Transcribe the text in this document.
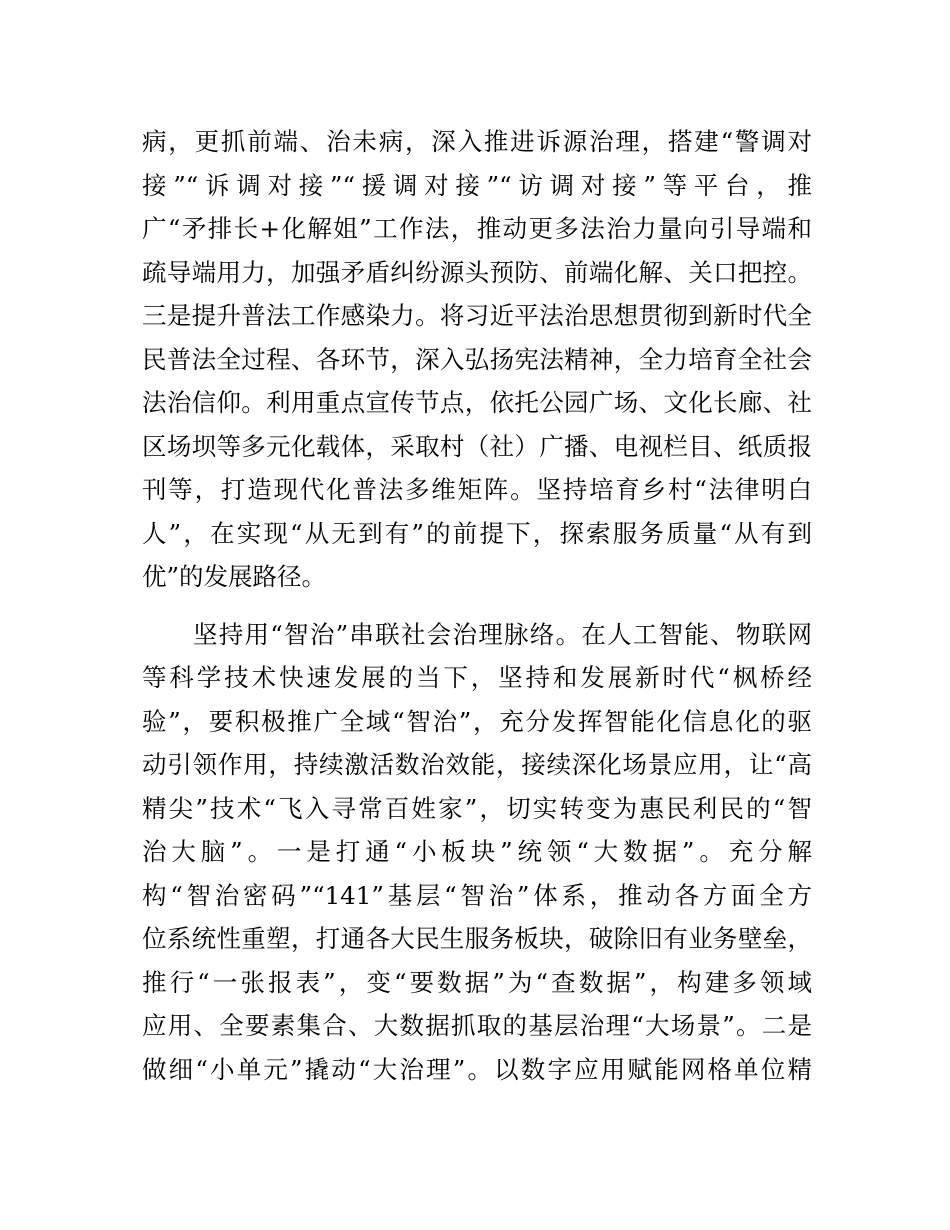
病，更抓前端、治未病，深入推进诉源治理，搭建“警调对
接”“诉调对接”“援调对接”“访调对接”等平台，推
广“矛排长+化解姐”工作法，推动更多法治力量向引导端和
疏导端用力，加强矛盾纠纷源头预防、前端化解、关口把控。
三是提升普法工作感染力。将习近平法治思想贯彻到新时代全
民普法全过程、各环节，深入弘扬宪法精神，全力培育全社会
法治信仰。利用重点宣传节点，依托公园广场、文化长廊、社
区场坝等多元化载体，采取村（社）广播、电视栏目、纸质报
刊等，打造现代化普法多维矩阵。坚持培育乡村“法律明白
人”，在实现“从无到有”的前提下，探索服务质量“从有到
优”的发展路径。
坚持用“智治”串联社会治理脉络。在人工智能、物联网
等科学技术快速发展的当下，坚持和发展新时代“枫桥经
验”，要积极推广全域“智治”，充分发挥智能化信息化的驱
动引领作用，持续激活数治效能，接续深化场景应用，让“高
精尖”技术“飞入寻常百姓家”，切实转变为惠民利民的“智
治大脑”。一是打通“小板块”统领“大数据”。充分解
构“智治密码”“141”基层“智治”体系，推动各方面全方
位系统性重塑，打通各大民生服务板块，破除旧有业务壁垒，
推行“一张报表”，变“要数据”为“查数据”，构建多领域
应用、全要素集合、大数据抓取的基层治理“大场景”。二是
做细“小单元”撬动“大治理”。以数字应用赋能网格单位精
